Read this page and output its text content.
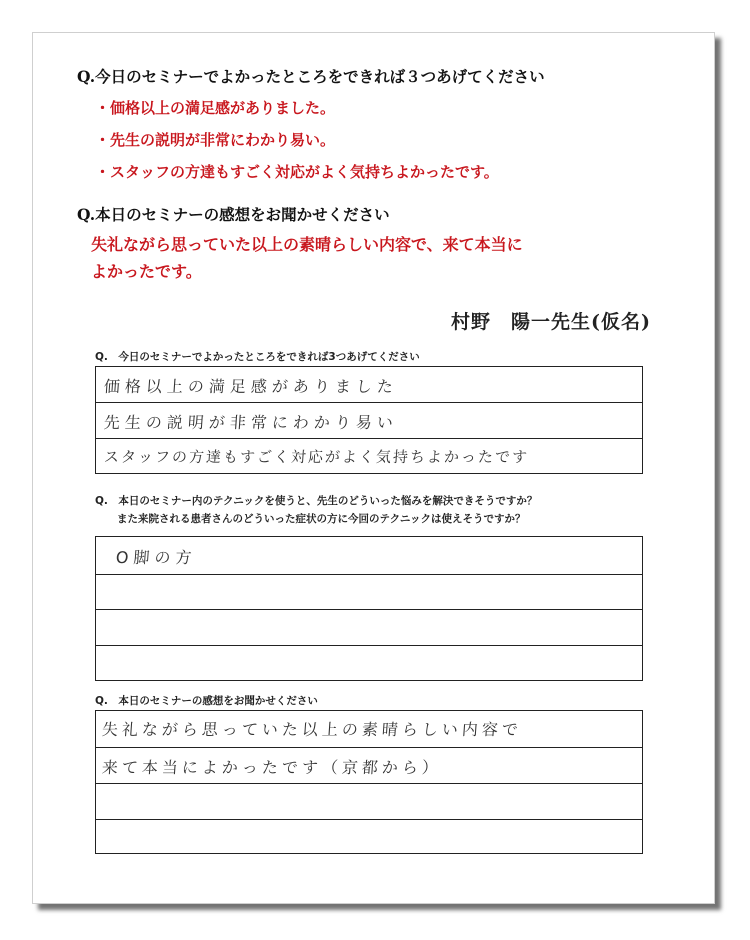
Q.今日のセミナーでよかったところをできれば３つあげてください
・価格以上の満足感がありました。
・先生の説明が非常にわかり易い。
・スタッフの方達もすごく対応がよく気持ちよかったです。
Q.本日のセミナーの感想をお聞かせください
失礼ながら思っていた以上の素晴らしい内容で、来て本当に
よかったです。
村野　陽一先生(仮名)
Q.　今日のセミナーでよかったところをできれば3つあげてください
価格以上の満足感がありました
先生の説明が非常にわかり易い
スタッフの方達もすごく対応がよく気持ちよかったです
Q.　本日のセミナー内のテクニックを使うと、先生のどういった悩みを解決できそうですか？
また来院される患者さんのどういった症状の方に今回のテクニックは使えそうですか？
O脚の方
Q.　本日のセミナーの感想をお聞かせください
失礼ながら思っていた以上の素晴らしい内容で
来て本当によかったです（京都から）
